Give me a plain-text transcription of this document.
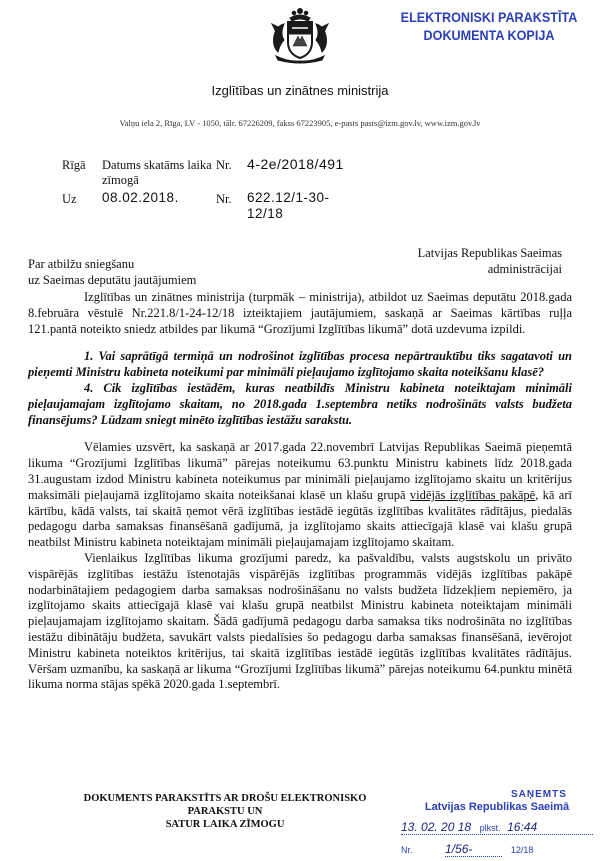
ELEKTRONISKI PARAKSTĪTA
DOKUMENTA KOPIJA
Izglītības un zinātnes ministrija
Valņu iela 2, Rīga, LV - 1050, tālr. 67226209, fakss 67223905, e-pasts pasts@izm.gov.lv, www.izm.gov.lv
Rīgā Datums skatāms laika zīmogā
Nr. 4-2e/2018/491
Uz 08.02.2018.	Nr. 622.12/1-30-
12/18
Par atbilžu sniegšanu
uz Saeimas deputātu jautājumiem
Latvijas Republikas Saeimas
administrācijai

Izglītības un zinātnes ministrija (turpmāk – ministrija), atbildot uz Saeimas deputātu 2018.gada 8.februāra vēstulē Nr.221.8/1-24-12/18 izteiktajiem jautājumiem, saskaņā ar Saeimas kārtības ruļļa 121.pantā noteikto sniedz atbildes par likumā “Grozījumi Izglītības likumā” dotā uzdevuma izpildi.

1. Vai saprātīgā termiņā un nodrošinot izglītības procesa nepārtrauktību tiks sagatavoti un pieņemti Ministru kabineta noteikumi par minimāli pieļaujamo izglītojamo skaita noteikšanu klasē?

4. Cik izglītības iestādēm, kuras neatbildīs Ministru kabineta noteiktajam minimāli pieļaujamajam izglītojamo skaitam, no 2018.gada 1.septembra netiks nodrošināts valsts budžeta finansējums? Lūdzam sniegt minēto izglītības iestāžu sarakstu.

Vēlamies uzsvērt, ka saskaņā ar 2017.gada 22.novembrī Latvijas Republikas Saeimā pieņemtā likuma “Grozījumi Izglītības likumā” pārejas noteikumu 63.punktu Ministru kabinets līdz 2018.gada 31.augustam izdod Ministru kabineta noteikumus par minimāli pieļaujamo izglītojamo skaitu un kritērijus maksimāli pieļaujamā izglītojamo skaita noteikšanai klasē un klašu grupā vidējās izglītības pakāpē, kā arī kārtību, kādā valsts, tai skaitā ņemot vērā izglītības iestādē iegūtās izglītības kvalitātes rādītājus, piedalās pedagogu darba samaksas finansēšanā gadījumā, ja izglītojamo skaits attiecīgajā klasē vai klašu grupā neatbilst Ministru kabineta noteiktajam minimāli pieļaujamajam izglītojamo skaitam.

Vienlaikus Izglītības likuma grozījumi paredz, ka pašvaldību, valsts augstskolu un privāto vispārējās izglītības iestāžu īstenotajās vispārējās izglītības programmās vidējās izglītības pakāpē nodarbinātajiem pedagogiem darba samaksas nodrošināšanu no valsts budžeta līdzekļiem nepiemēro, ja izglītojamo skaits attiecīgajā klasē vai klašu grupā neatbilst Ministru kabineta noteiktajam minimāli pieļaujamajam izglītojamo skaitam. Šādā gadījumā pedagogu darba samaksa tiks nodrošināta no izglītības iestāžu dibinātāju budžeta, savukārt valsts piedalīsies šo pedagogu darba samaksas finansēšanā, ievērojot Ministru kabineta noteiktos kritērijus, tai skaitā izglītības iestādē iegūtās izglītības kvalitātes rādītājus. Vēršam uzmanību, ka saskaņā ar likuma “Grozījumi Izglītības likumā” pārejas noteikumu 64.punktu minētā likuma norma stājas spēkā 2020.gada 1.septembrī.

DOKUMENTS PARAKSTĪTS AR DROŠU ELEKTRONISKO PARAKSTU UN
SATUR LAIKA ZĪMOGU
SAŅEMTS
Latvijas Republikas Saeimā
13. 02. 20 18 plkst. 16:44
Nr.	1/56-	12/18
